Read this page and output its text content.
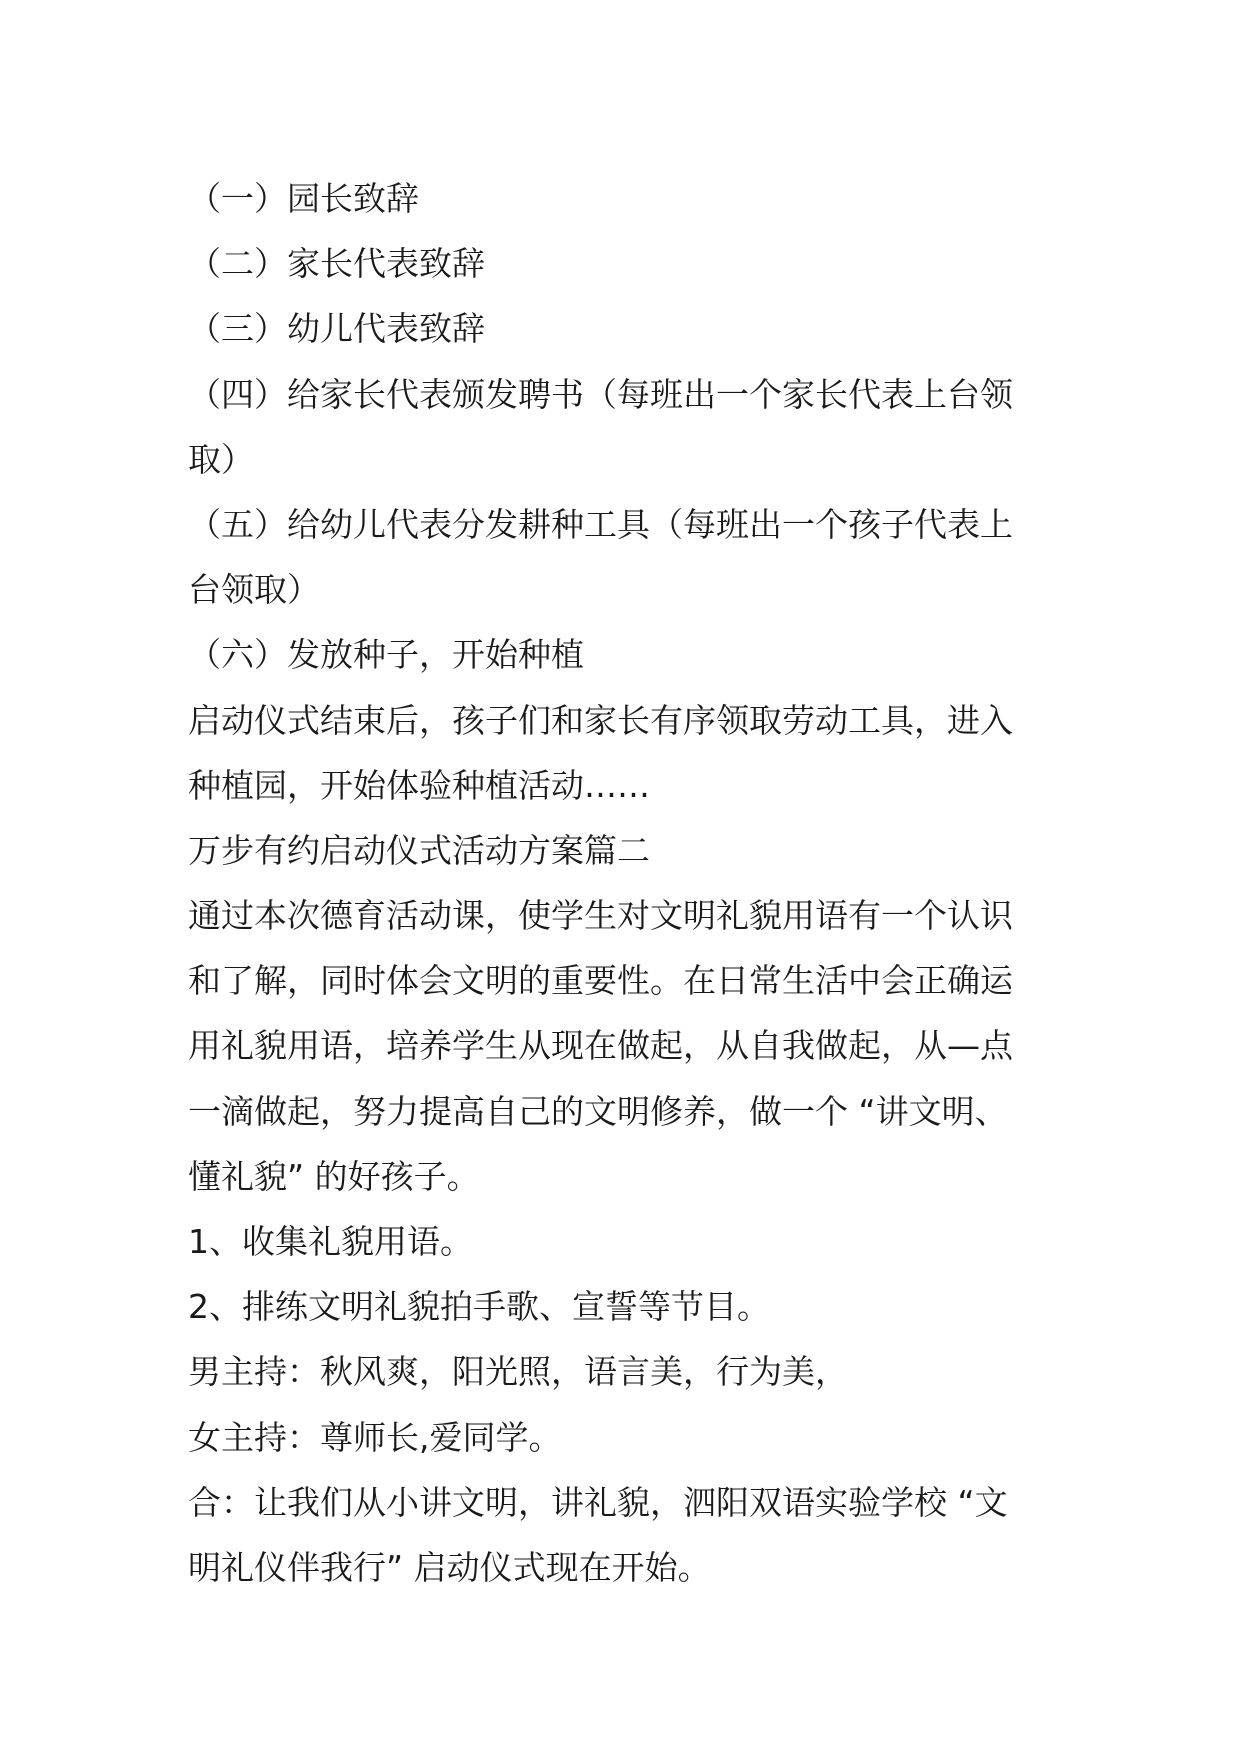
（一）园长致辞
（二）家长代表致辞
（三）幼儿代表致辞
（四）给家长代表颁发聘书（每班出一个家长代表上台领
取）
（五）给幼儿代表分发耕种工具（每班出一个孩子代表上
台领取）
（六）发放种子，开始种植
启动仪式结束后，孩子们和家长有序领取劳动工具，进入
种植园，开始体验种植活动……
万步有约启动仪式活动方案篇二
通过本次德育活动课，使学生对文明礼貌用语有一个认识
和了解，同时体会文明的重要性。在日常生活中会正确运
用礼貌用语，培养学生从现在做起，从自我做起，从—点
一滴做起，努力提高自己的文明修养，做一个 “讲文明、
懂礼貌” 的好孩子。
1、收集礼貌用语。
2、排练文明礼貌拍手歌、宣誓等节目。
男主持：秋风爽，阳光照，语言美，行为美，
女主持：尊师长,爱同学。
合：让我们从小讲文明，讲礼貌，泗阳双语实验学校 “文
明礼仪伴我行” 启动仪式现在开始。
